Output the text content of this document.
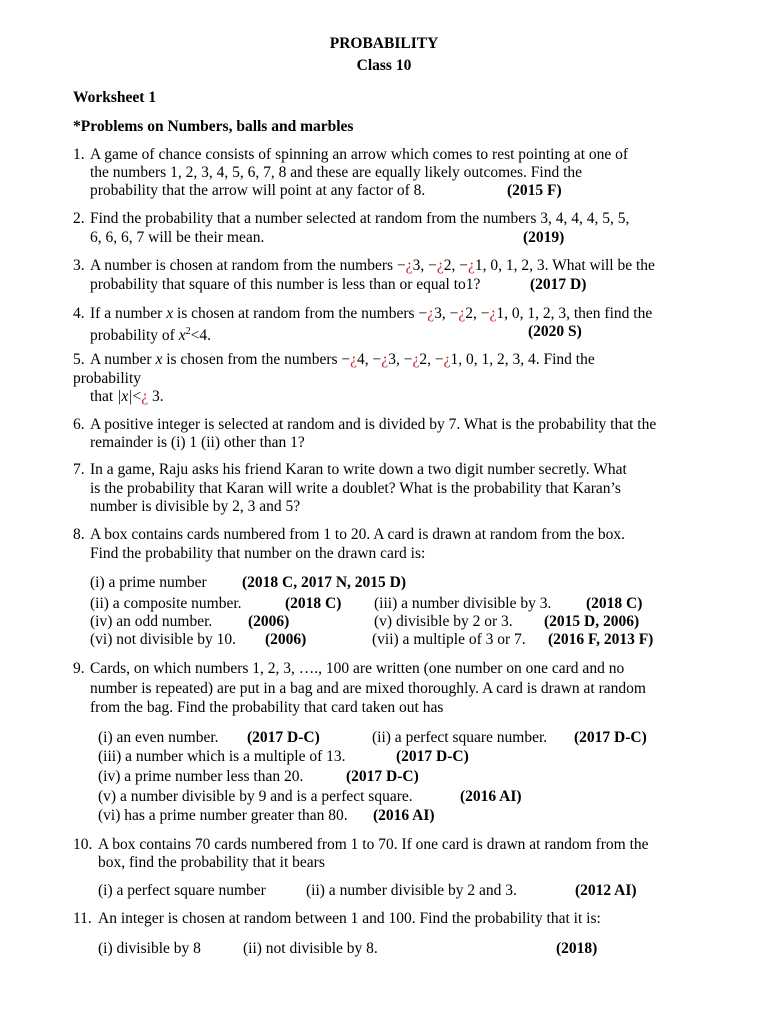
PROBABILITY
Class 10
Worksheet 1
*Problems on Numbers, balls and marbles
1. A game of chance consists of spinning an arrow which comes to rest pointing at one of
the numbers 1, 2, 3, 4, 5, 6, 7, 8 and these are equally likely outcomes. Find the
probability that the arrow will point at any factor of 8.	(2015 F)
2. Find the probability that a number selected at random from the numbers 3, 4, 4, 4, 5, 5,
6, 6, 6, 7 will be their mean.	(2019)
3. A number is chosen at random from the numbers −¿3, −¿2, −¿1, 0, 1, 2, 3. What will be the
probability that square of this number is less than or equal to1?	(2017 D)
4. If a number x is chosen at random from the numbers −¿3, −¿2, −¿1, 0, 1, 2, 3, then find the
probability of $x^2<4$.	(2020 S)
5. A number x is chosen from the numbers −¿4, −¿3, −¿2, −¿1, 0, 1, 2, 3, 4. Find the
probability
that |x|<¿ 3.
6. A positive integer is selected at random and is divided by 7. What is the probability that the
remainder is (i) 1 (ii) other than 1?
7. In a game, Raju asks his friend Karan to write down a two digit number secretly. What
is the probability that Karan will write a doublet? What is the probability that Karan’s
number is divisible by 2, 3 and 5?
8. A box contains cards numbered from 1 to 20. A card is drawn at random from the box.
Find the probability that number on the drawn card is:
(i) a prime number (2018 C, 2017 N, 2015 D)
(ii) a composite number.	(2018 C) (iii) a number divisible by 3. (2018 C)
(iv) an odd number. (2006)	(v) divisible by 2 or 3. (2015 D, 2006)
(vi) not divisible by 10. (2006)	(vii) a multiple of 3 or 7. (2016 F, 2013 F)
9. Cards, on which numbers 1, 2, 3, …., 100 are written (one number on one card and no
number is repeated) are put in a bag and are mixed thoroughly. A card is drawn at random
from the bag. Find the probability that card taken out has
(i) an even number. (2017 D-C)	(ii) a perfect square number. (2017 D-C)
(iii) a number which is a multiple of 13.	(2017 D-C)
(iv) a prime number less than 20.	(2017 D-C)
(v) a number divisible by 9 and is a perfect square.	(2016 AI)
(vi) has a prime number greater than 80. (2016 AI)
10. A box contains 70 cards numbered from 1 to 70. If one card is drawn at random from the
box, find the probability that it bears
(i) a perfect square number	(ii) a number divisible by 2 and 3.	(2012 AI)
11. An integer is chosen at random between 1 and 100. Find the probability that it is:
(i) divisible by 8	(ii) not divisible by 8.	(2018)
